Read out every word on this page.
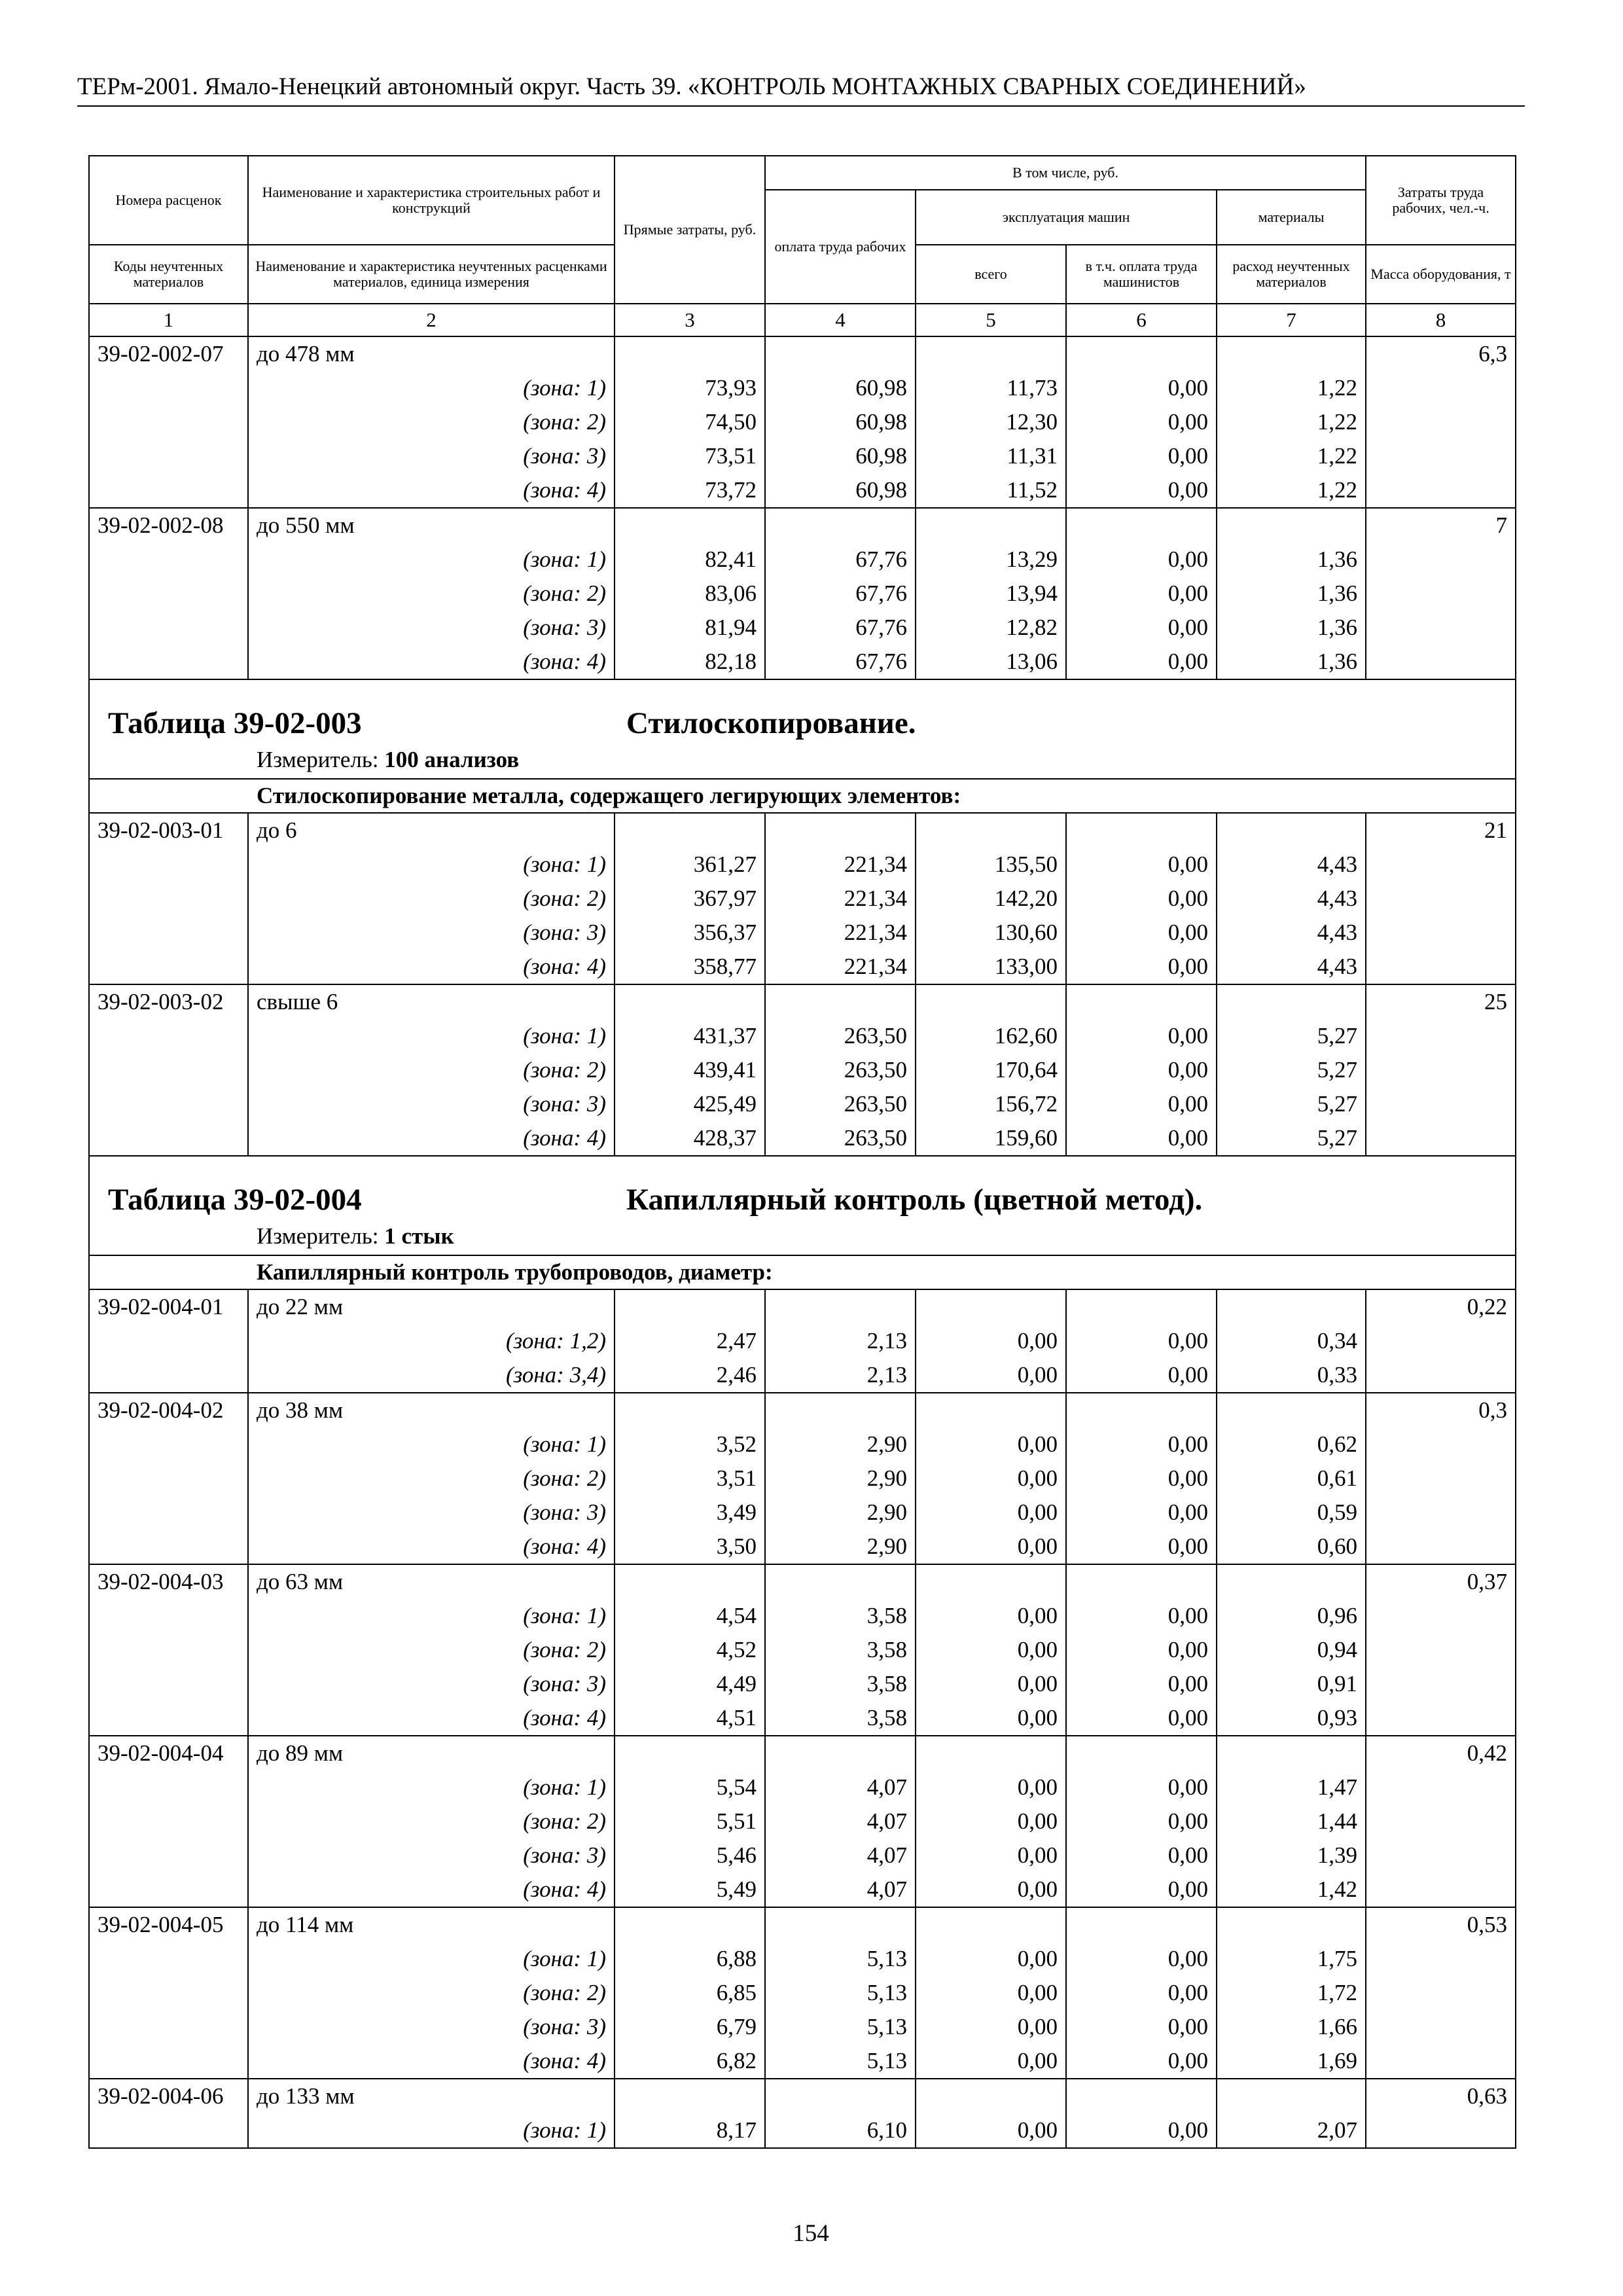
ТЕРм-2001. Ямало-Ненецкий автономный округ. Часть 39. «КОНТРОЛЬ МОНТАЖНЫХ СВАРНЫХ СОЕДИНЕНИЙ»
Номера расценок	Наименование и характеристика строительных работ и конструкций	Прямые затраты, руб.	В том числе, руб.				Затраты труда рабочих, чел.-ч.
			оплата труда рабочих	эксплуатация машин		материалы	

Коды неучтенных материалов	Наименование и характеристика неучтенных расценками материалов, единица измерения			всего	в т.ч. оплата труда машинистов	расход неучтенных материалов	Масса оборудования, т

1	2	3	4	5	6	7	8
39-02-002-07	до 478 мм						6,3
	(зона: 1)	73,93	60,98	11,73	0,00	1,22	
	(зона: 2)	74,50	60,98	12,30	0,00	1,22	
	(зона: 3)	73,51	60,98	11,31	0,00	1,22	
	(зона: 4)	73,72	60,98	11,52	0,00	1,22	
39-02-002-08	до 550 мм						7
	(зона: 1)	82,41	67,76	13,29	0,00	1,36	
	(зона: 2)	83,06	67,76	13,94	0,00	1,36	
	(зона: 3)	81,94	67,76	12,82	0,00	1,36	
	(зона: 4)	82,18	67,76	13,06	0,00	1,36	

Таблица 39-02-003 Стилоскопирование.
Измеритель: 100 анализов							

Стилоскопирование металла, содержащего легирующих элементов:							
39-02-003-01	до 6						21
	(зона: 1)	361,27	221,34	135,50	0,00	4,43	
	(зона: 2)	367,97	221,34	142,20	0,00	4,43	
	(зона: 3)	356,37	221,34	130,60	0,00	4,43	
	(зона: 4)	358,77	221,34	133,00	0,00	4,43	
39-02-003-02	свыше 6						25
	(зона: 1)	431,37	263,50	162,60	0,00	5,27	
	(зона: 2)	439,41	263,50	170,64	0,00	5,27	
	(зона: 3)	425,49	263,50	156,72	0,00	5,27	
	(зона: 4)	428,37	263,50	159,60	0,00	5,27	

Таблица 39-02-004 Капиллярный контроль (цветной метод).
Измеритель: 1 стык							

Капиллярный контроль трубопроводов, диаметр:							
39-02-004-01	до 22 мм						0,22
	(зона: 1,2)	2,47	2,13	0,00	0,00	0,34	
	(зона: 3,4)	2,46	2,13	0,00	0,00	0,33	
39-02-004-02	до 38 мм						0,3
	(зона: 1)	3,52	2,90	0,00	0,00	0,62	
	(зона: 2)	3,51	2,90	0,00	0,00	0,61	
	(зона: 3)	3,49	2,90	0,00	0,00	0,59	
	(зона: 4)	3,50	2,90	0,00	0,00	0,60	
39-02-004-03	до 63 мм						0,37
	(зона: 1)	4,54	3,58	0,00	0,00	0,96	
	(зона: 2)	4,52	3,58	0,00	0,00	0,94	
	(зона: 3)	4,49	3,58	0,00	0,00	0,91	
	(зона: 4)	4,51	3,58	0,00	0,00	0,93	
39-02-004-04	до 89 мм						0,42
	(зона: 1)	5,54	4,07	0,00	0,00	1,47	
	(зона: 2)	5,51	4,07	0,00	0,00	1,44	
	(зона: 3)	5,46	4,07	0,00	0,00	1,39	
	(зона: 4)	5,49	4,07	0,00	0,00	1,42	
39-02-004-05	до 114 мм						0,53
	(зона: 1)	6,88	5,13	0,00	0,00	1,75	
	(зона: 2)	6,85	5,13	0,00	0,00	1,72	
	(зона: 3)	6,79	5,13	0,00	0,00	1,66	
	(зона: 4)	6,82	5,13	0,00	0,00	1,69	
39-02-004-06	до 133 мм						0,63
	(зона: 1)	8,17	6,10	0,00	0,00	2,07	
154
